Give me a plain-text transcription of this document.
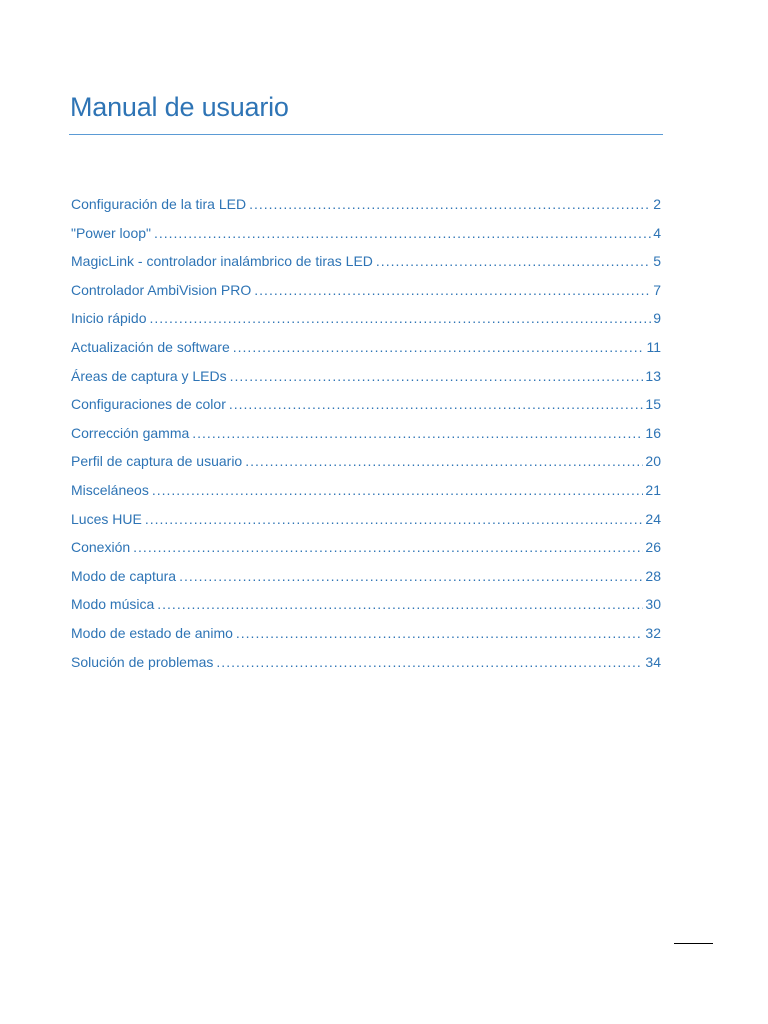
Manual de usuario
Configuración de la tira LED .....	2
"Power loop" .....	4
MagicLink - controlador inalámbrico de tiras LED .....	5
Controlador AmbiVision PRO .....	7
Inicio rápido .....	9
Actualización de software .....	11
Áreas de captura y LEDs .....	13
Configuraciones de color .....	15
Corrección gamma .....	16
Perfil de captura de usuario .....	20
Misceláneos .....	21
Luces HUE .....	24
Conexión .....	26
Modo de captura .....	28
Modo música .....	30
Modo de estado de animo .....	32
Solución de problemas .....	34
